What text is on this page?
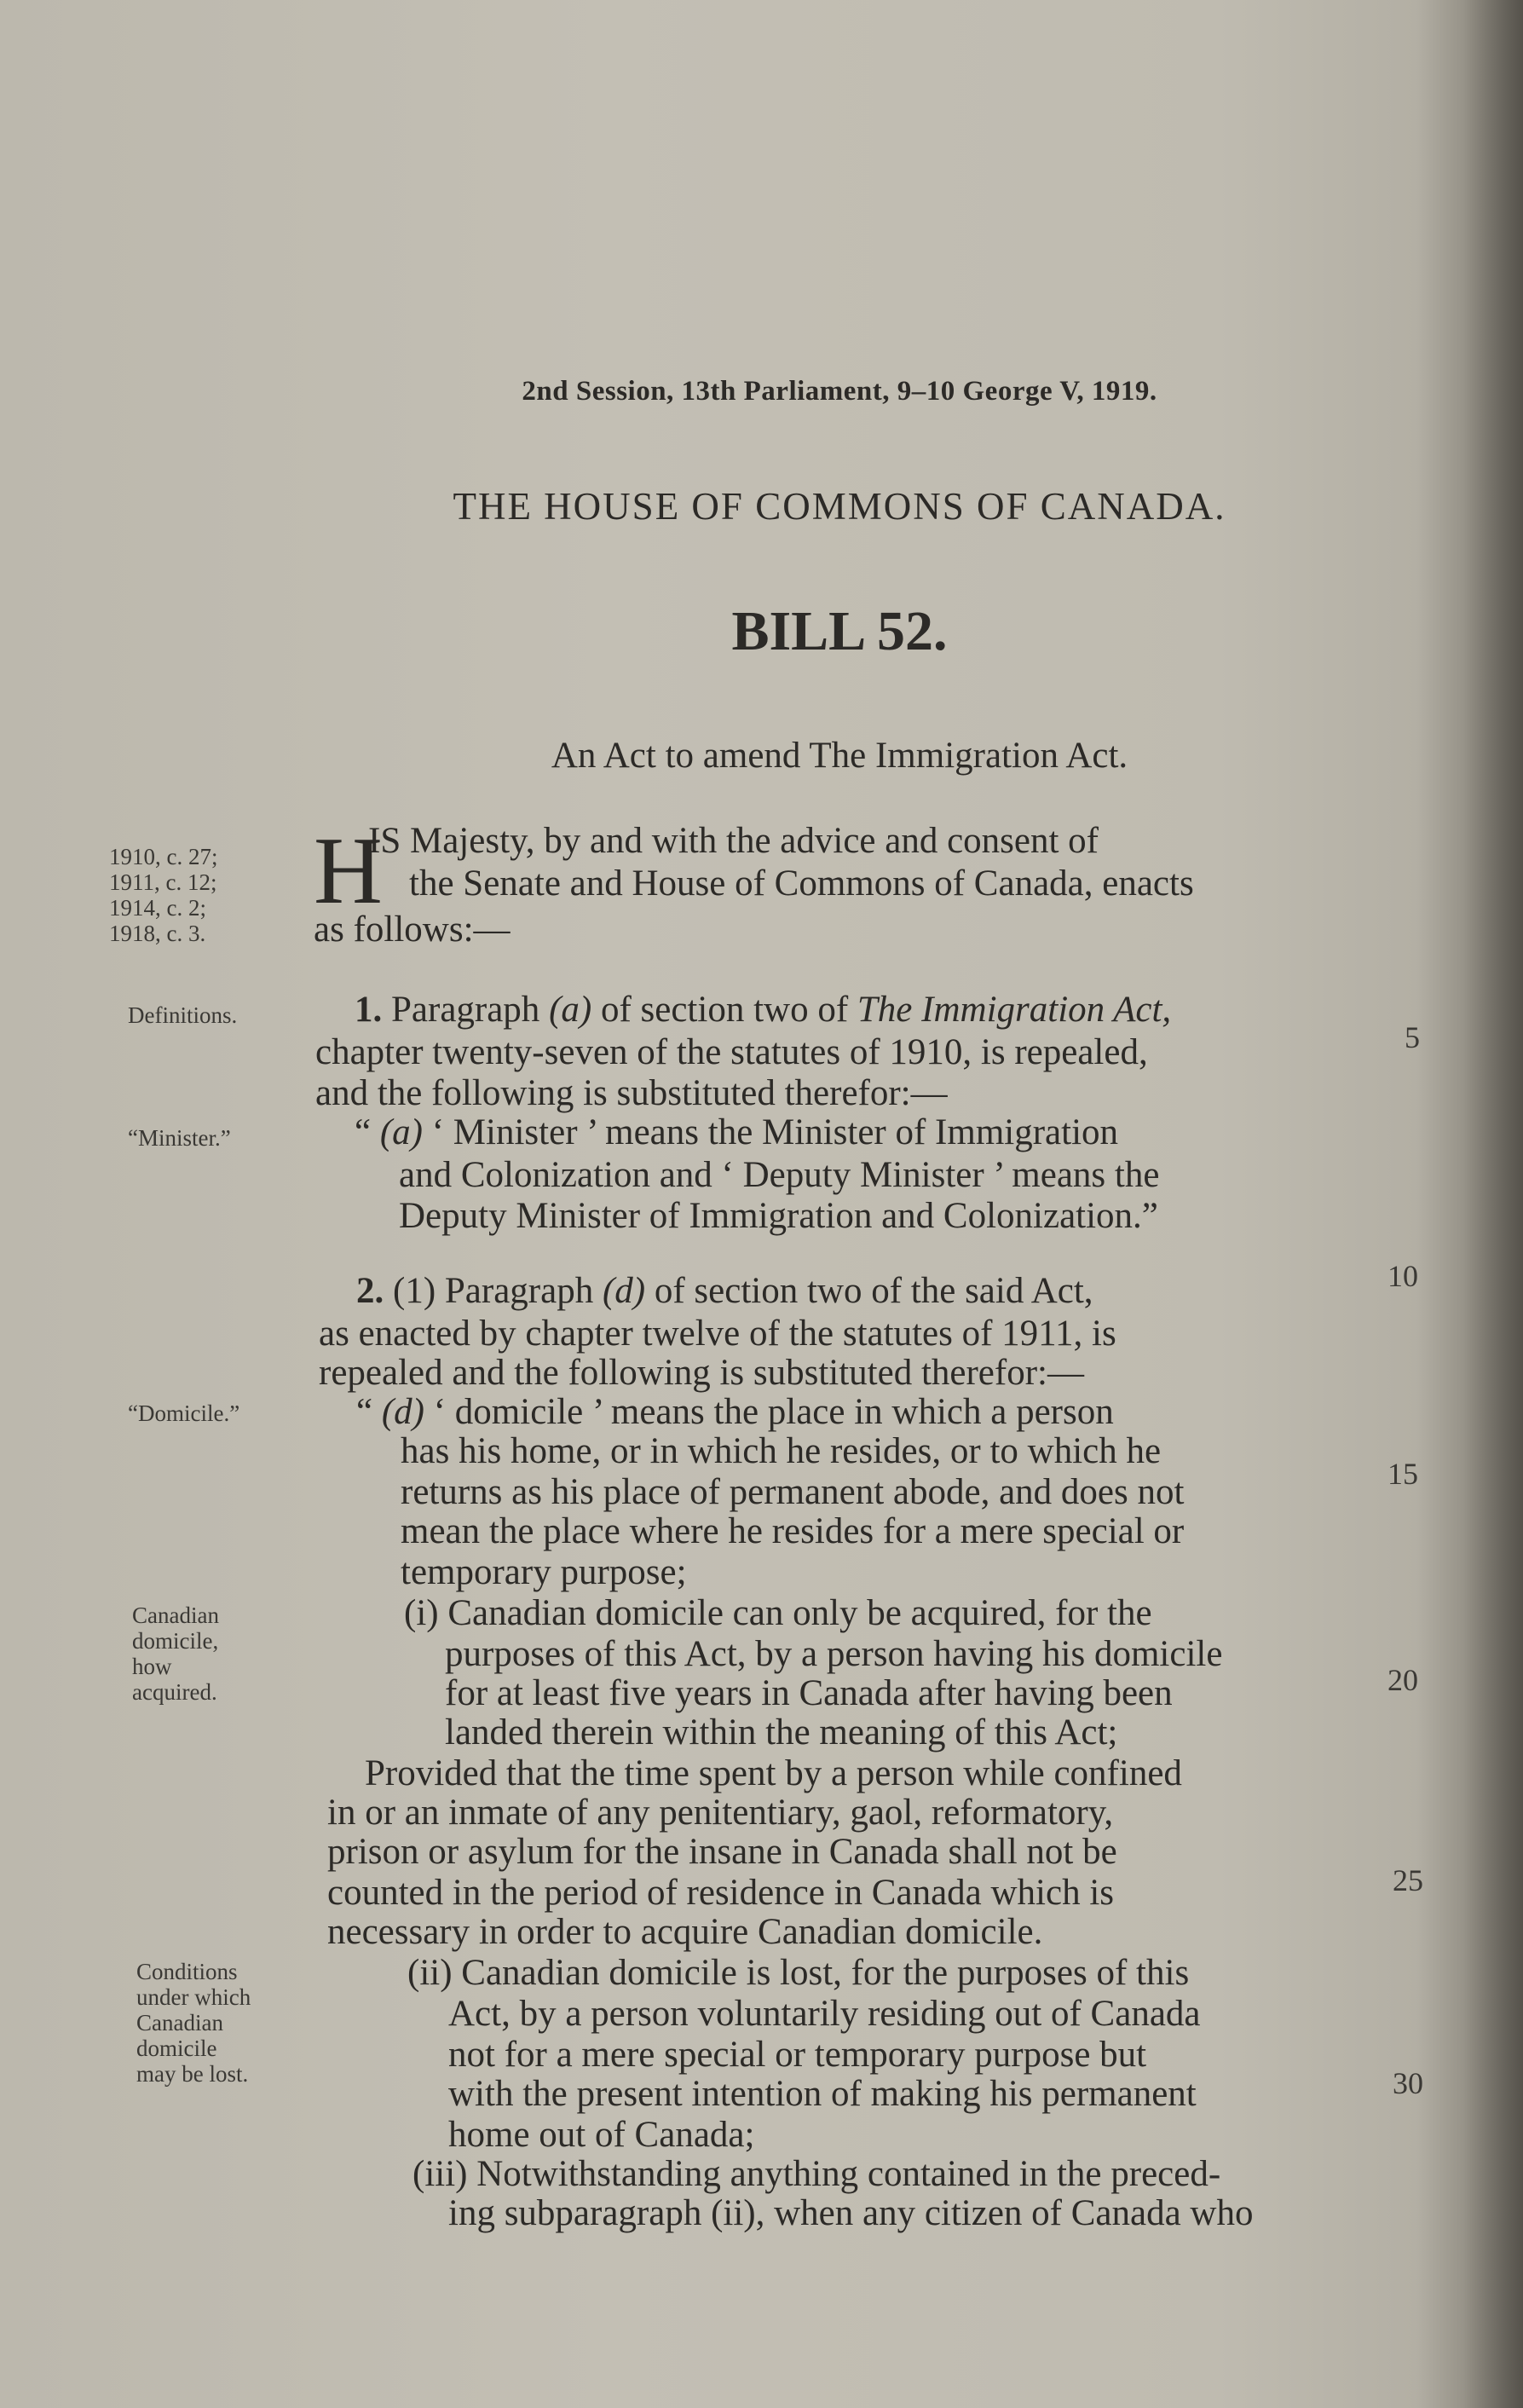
2nd Session, 13th Parliament, 9–10 George V, 1919.
THE HOUSE OF COMMONS OF CANADA.
BILL 52.
An Act to amend The Immigration Act.
1910, c. 27;
1911, c. 12;
1914, c. 2;
1918, c. 3.
Definitions.
“Minister.”
“Domicile.”
Canadian
domicile,
how
acquired.
Conditions
under which
Canadian
domicile
may be lost.
5
10
15
20
25
30
H
IS Majesty, by and with the advice and consent of
the Senate and House of Commons of Canada, enacts
as follows:—
1. Paragraph (a) of section two of The Immigration Act,
chapter twenty-seven of the statutes of 1910, is repealed,
and the following is substituted therefor:—
“ (a) ‘ Minister ’ means the Minister of Immigration
and Colonization and ‘ Deputy Minister ’ means the
Deputy Minister of Immigration and Colonization.”
2. (1) Paragraph (d) of section two of the said Act,
as enacted by chapter twelve of the statutes of 1911, is
repealed and the following is substituted therefor:—
“ (d) ‘ domicile ’ means the place in which a person
has his home, or in which he resides, or to which he
returns as his place of permanent abode, and does not
mean the place where he resides for a mere special or
temporary purpose;
(i) Canadian domicile can only be acquired, for the
purposes of this Act, by a person having his domicile
for at least five years in Canada after having been
landed therein within the meaning of this Act;
Provided that the time spent by a person while confined
in or an inmate of any penitentiary, gaol, reformatory,
prison or asylum for the insane in Canada shall not be
counted in the period of residence in Canada which is
necessary in order to acquire Canadian domicile.
(ii) Canadian domicile is lost, for the purposes of this
Act, by a person voluntarily residing out of Canada
not for a mere special or temporary purpose but
with the present intention of making his permanent
home out of Canada;
(iii) Notwithstanding anything contained in the preced-
ing subparagraph (ii), when any citizen of Canada who
